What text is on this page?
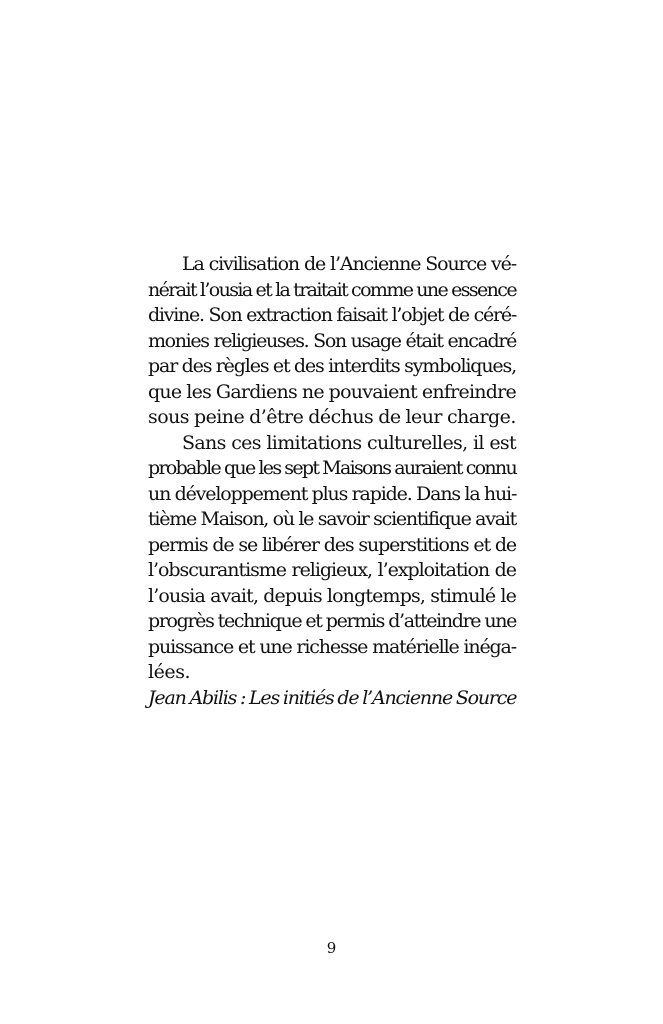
La civilisation de l’Ancienne Source vé-
nérait l’ousia et la traitait comme une essence
divine. Son extraction faisait l’objet de céré-
monies religieuses. Son usage était encadré
par des règles et des interdits symboliques,
que les Gardiens ne pouvaient enfreindre
sous peine d’être déchus de leur charge.
Sans ces limitations culturelles, il est
probable que les sept Maisons auraient connu
un développement plus rapide. Dans la hui-
tième Maison, où le savoir scientifique avait
permis de se libérer des superstitions et de
l’obscurantisme religieux, l’exploitation de
l’ousia avait, depuis longtemps, stimulé le
progrès technique et permis d’atteindre une
puissance et une richesse matérielle inéga-
lées.
Jean Abilis : Les initiés de l’Ancienne Source
9
